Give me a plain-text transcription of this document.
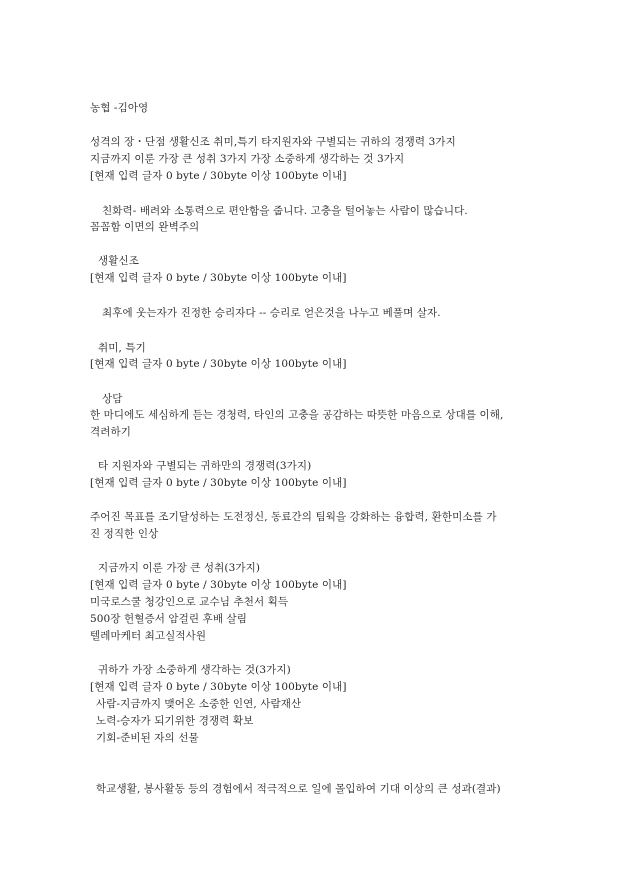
농협 -김아영
성격의 장・단점 생활신조 취미,특기 타지원자와 구별되는 귀하의 경쟁력 3가지
지금까지 이룬 가장 큰 성취 3가지 가장 소중하게 생각하는 것 3가지
[현재 입력 글자 0 byte / 30byte 이상 100byte 이내]
친화력- 배려와 소통력으로 편안함을 줍니다. 고충을 털어놓는 사람이 많습니다.
꼼꼼함 이면의 완벽주의
생활신조
[현재 입력 글자 0 byte / 30byte 이상 100byte 이내]
최후에 웃는자가 진정한 승리자다 -- 승리로 얻은것을 나누고 베풀며 살자.
취미, 특기
[현재 입력 글자 0 byte / 30byte 이상 100byte 이내]
상담
한 마디에도 세심하게 듣는 경청력, 타인의 고충을 공감하는 따뜻한 마음으로 상대를 이해,
격려하기
타 지원자와 구별되는 귀하만의 경쟁력(3가지)
[현재 입력 글자 0 byte / 30byte 이상 100byte 이내]
주어진 목표를 조기달성하는 도전정신, 동료간의 팀웍을 강화하는 융합력, 환한미소를 가
진 정직한 인상
지금까지 이룬 가장 큰 성취(3가지)
[현재 입력 글자 0 byte / 30byte 이상 100byte 이내]
미국로스쿨 청강인으로 교수님 추천서 획득
500장 헌혈증서 암걸린 후배 살림
텔레마케터 최고실적사원
귀하가 가장 소중하게 생각하는 것(3가지)
[현재 입력 글자 0 byte / 30byte 이상 100byte 이내]
사람-지금까지 맺어온 소중한 인연, 사람재산
노력-승자가 되기위한 경쟁력 확보
기회-준비된 자의 선물
학교생활, 봉사활동 등의 경험에서 적극적으로 일에 몰입하여 기대 이상의 큰 성과(결과)
